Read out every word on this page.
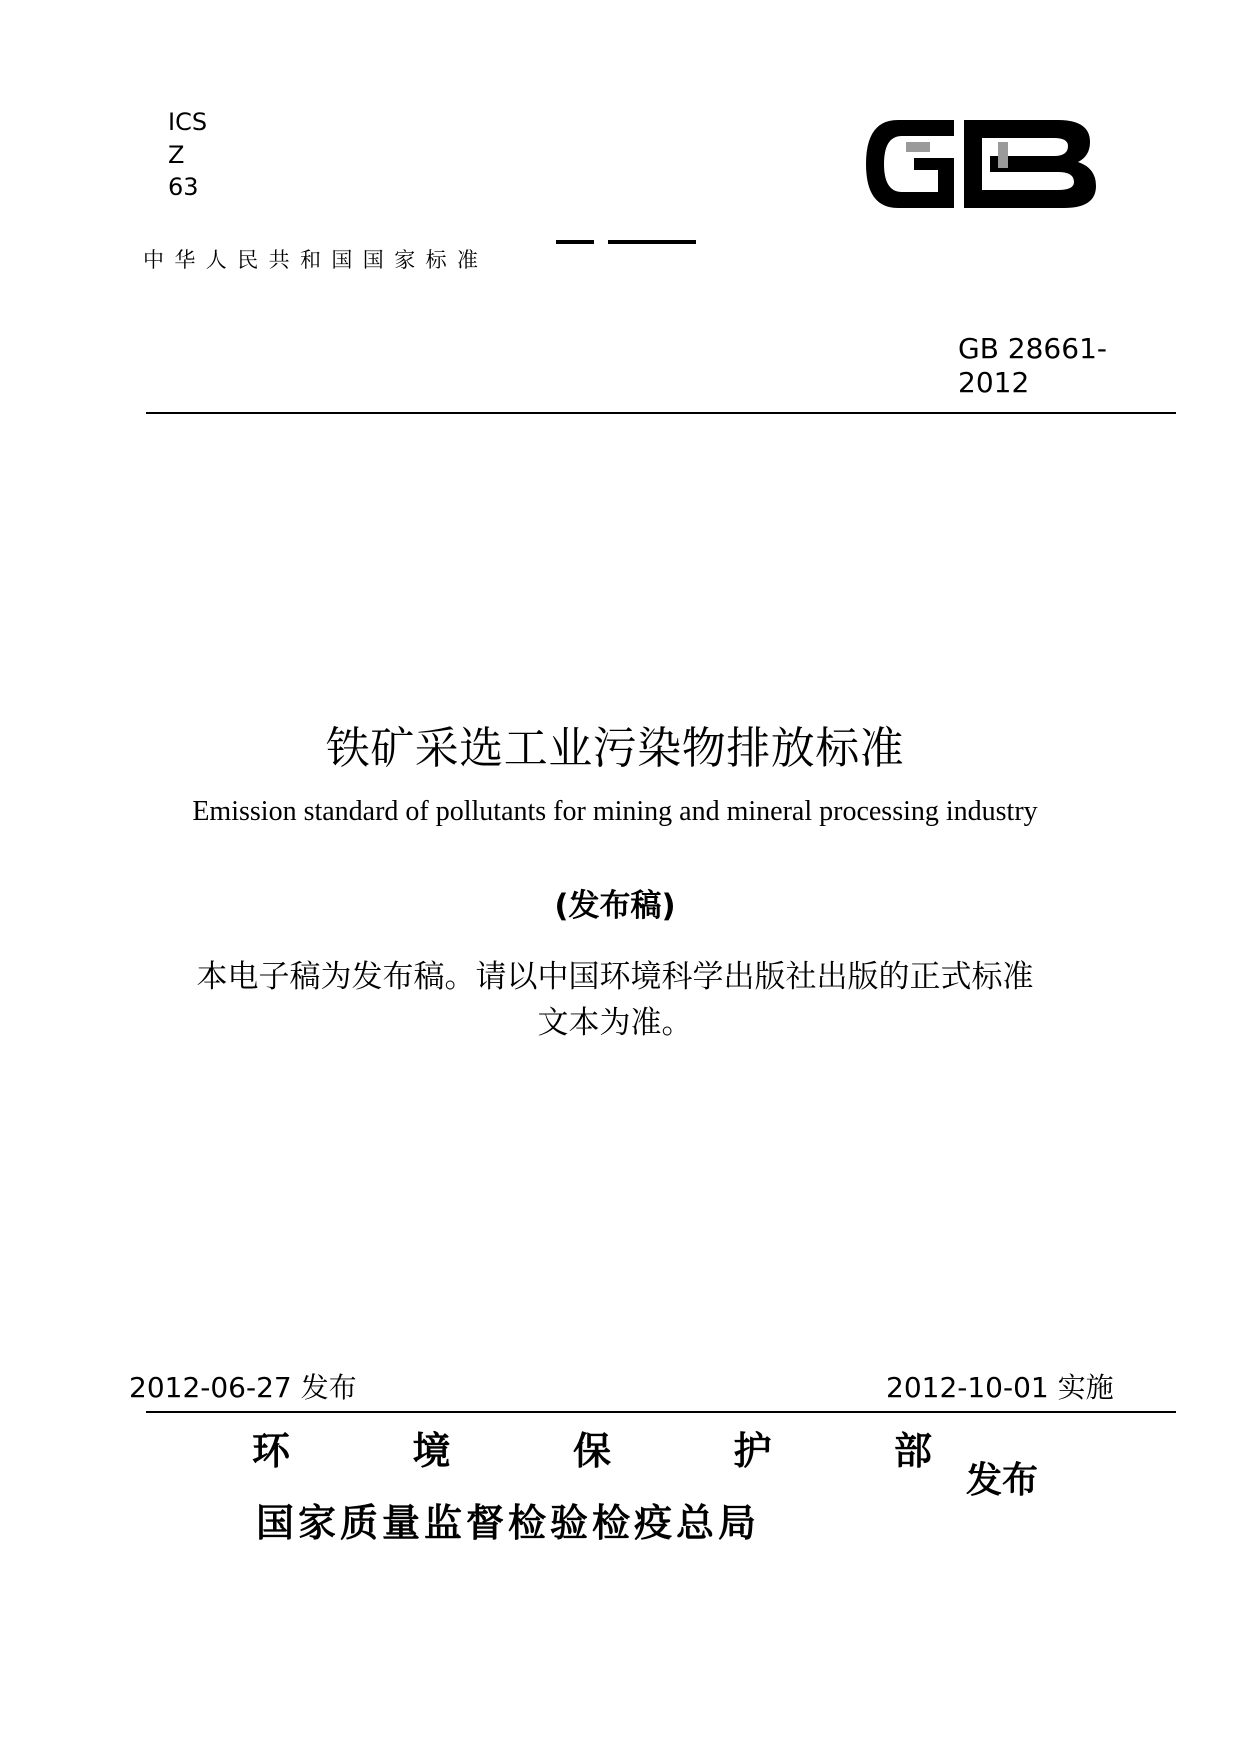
ICS
Z
63
中华人民共和国国家标准
GB 28661-
2012
铁矿采选工业污染物排放标准
Emission standard of pollutants for mining and mineral processing industry
(发布稿)
本电子稿为发布稿。请以中国环境科学出版社出版的正式标准
文本为准。
2012-06-27 发布	2012-10-01 实施
环	境	保	护	部
国家质量监督检验检疫总局
发布
